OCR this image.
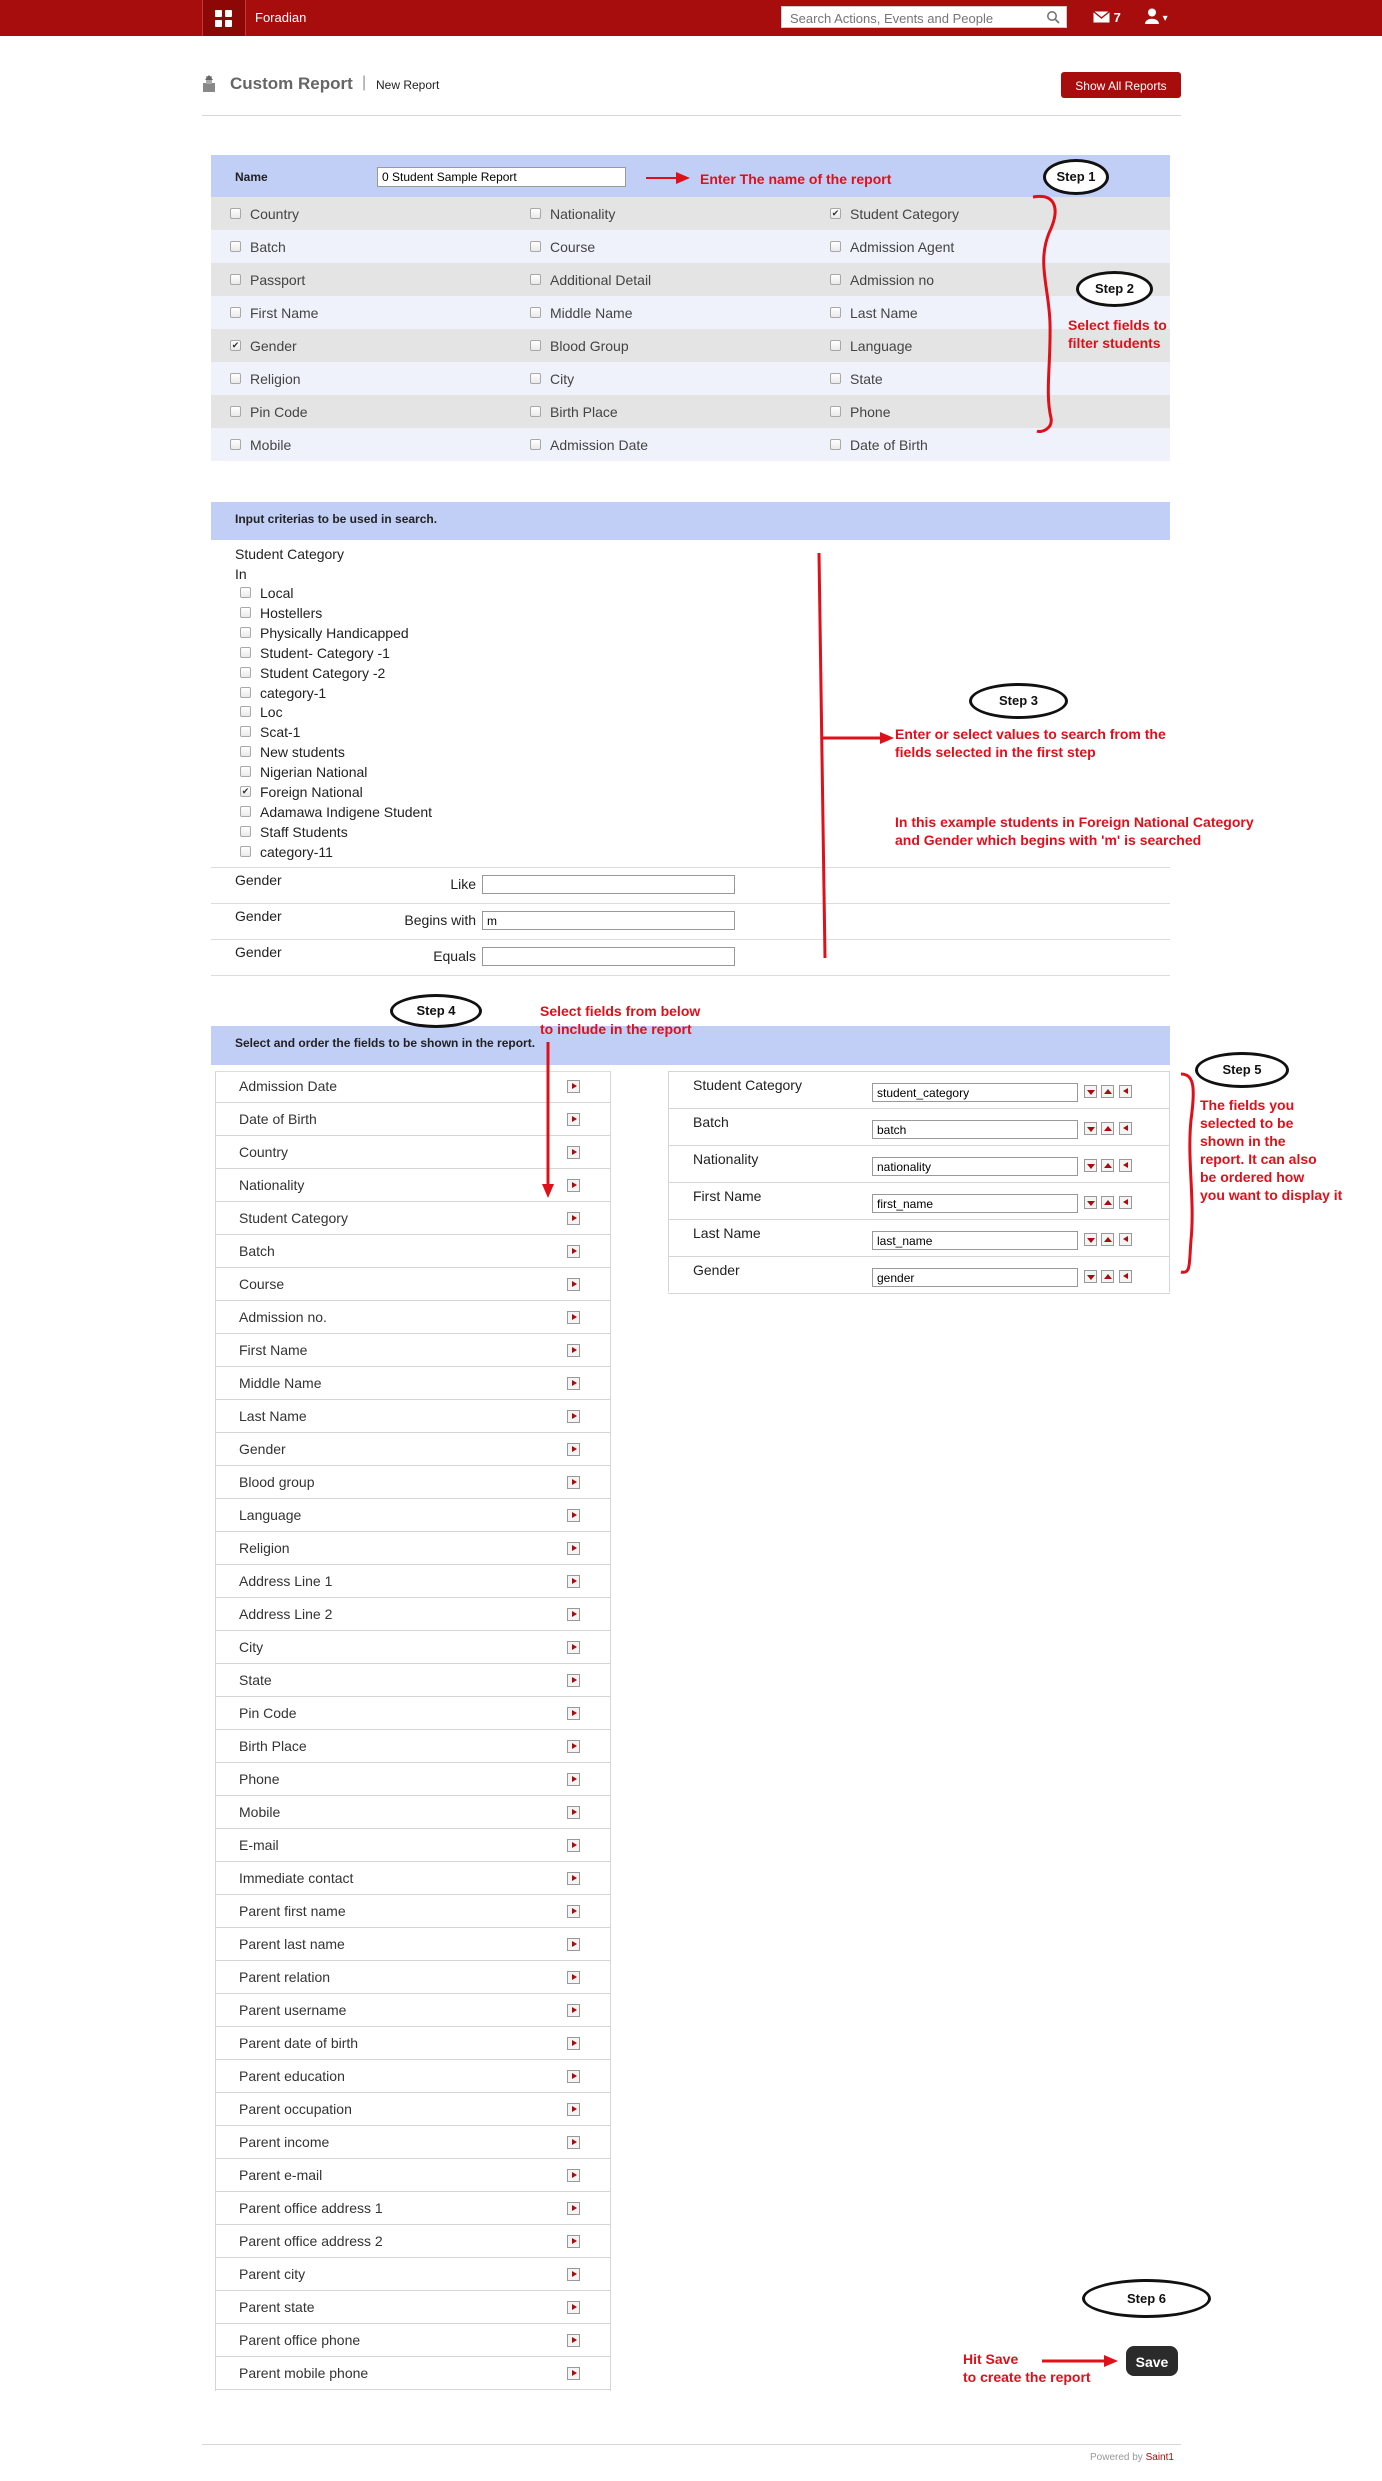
Foradian
Search Actions, Events and People	7	▾
Custom Report | New Report	Show All Reports
Name
0 Student Sample Report
Country	Nationality
✔	Student Category
Batch	Course	Admission Agent
Passport	Additional Detail	Admission no
First Name	Middle Name	Last Name
✔
Gender	Blood Group	Language
Religion	City	State
Pin Code	Birth Place	Phone
Mobile	Admission Date	Date of Birth
Input criterias to be used in search.
Student Category
In
Local
Hostellers
Physically Handicapped
Student- Category -1
Student Category -2
category-1
Loc
Scat-1
New students
Nigerian National
✔
Foreign National
Adamawa Indigene Student
Staff Students
category-11
Gender	Like
Gender	Begins with
m
Gender	Equals
Select and order the fields to be shown in the report.
Admission Date
Date of Birth
Country
Nationality
Student Category
Batch
Course
Admission no.
First Name
Middle Name
Last Name
Gender
Blood group
Language
Religion
Address Line 1
Address Line 2
City
State
Pin Code
Birth Place
Phone
Mobile
E-mail
Immediate contact
Parent first name
Parent last name
Parent relation
Parent username
Parent date of birth
Parent education
Parent occupation
Parent income
Parent e-mail
Parent office address 1
Parent office address 2
Parent city
Parent state
Parent office phone
Parent mobile phone
Student Category
student_category
Batch
batch
Nationality
nationality
First Name
first_name
Last Name
last_name
Gender
gender
Save
Powered by Saint1
Enter The name of the report	Step 1
Step 2
Select fields to
filter students
Step 3
Enter or select values to search from the
fields selected in the first step
In this example students in Foreign National Category
and Gender which begins with 'm' is searched
Step 4	Select fields from below
to include in the report
Step 5
The fields you
selected to be
shown in the
report. It can also
be ordered how
you want to display it
Step 6
Hit Save
to create the report
